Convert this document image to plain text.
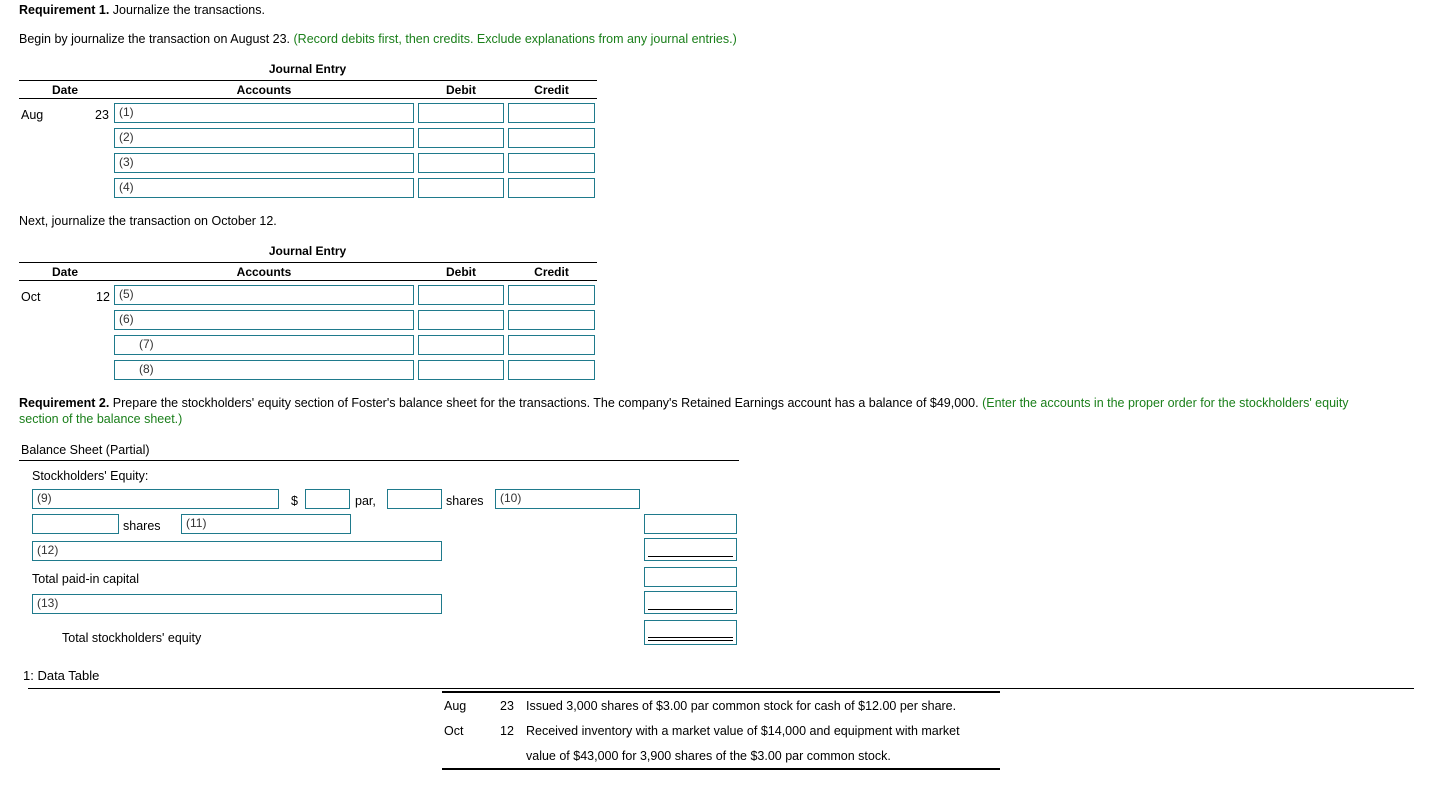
Requirement 1. Journalize the transactions.
Begin by journalize the transaction on August 23. (Record debits first, then credits. Exclude explanations from any journal entries.)
Journal Entry
Date	Accounts	Debit	Credit
Aug	23 (1)
(2)
(3)
(4)
Next, journalize the transaction on October 12.
Journal Entry
Date	Accounts	Debit	Credit
Oct	12 (5)
(6)
(7)
(8)
Requirement 2. Prepare the stockholders' equity section of Foster's balance sheet for the transactions. The company's Retained Earnings account has a balance of $49,000. (Enter the accounts in the proper order for the stockholders' equity
section of the balance sheet.)
Balance Sheet (Partial)
Stockholders' Equity:
(9)	$	par,	shares	(10)
shares	(11)
(12)
Total paid-in capital
(13)
Total stockholders' equity
1: Data Table
Aug	23 Issued 3,000 shares of $3.00 par common stock for cash of $12.00 per share.
Oct	12 Received inventory with a market value of $14,000 and equipment with market
value of $43,000 for 3,900 shares of the $3.00 par common stock.
